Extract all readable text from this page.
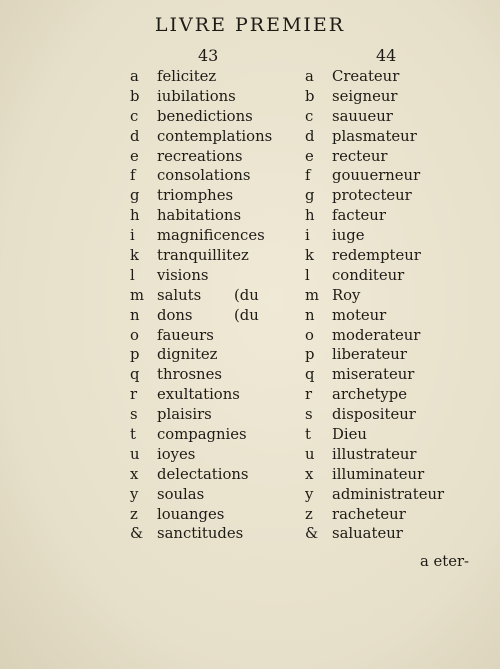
LIVRE PREMIER
43	44
a	felicitez
b	iubilations
c	benedictions
d	contemplations
e	recreations
f	consolations
g	triomphes
h	habitations
i	magnificences
k	tranquillitez
l	visions
m saluts (du
n	dons	(du
o	faueurs
p	dignitez
q	throsnes
r	exultations
s	plaisirs
t	compagnies
u	ioyes
x	delectations
y	soulas
z	louanges
& sanctitudes
a	Createur
b	seigneur
c	sauueur
d	plasmateur
e	recteur
f	gouuerneur
g	protecteur
h	facteur
i	iuge
k	redempteur
l	conditeur
m Roy
n	moteur
o	moderateur
p	liberateur
q	miserateur
r	archetype
s	dispositeur
t	Dieu
u	illustrateur
x	illuminateur
y	administrateur
z	racheteur
& saluateur
a eter-
